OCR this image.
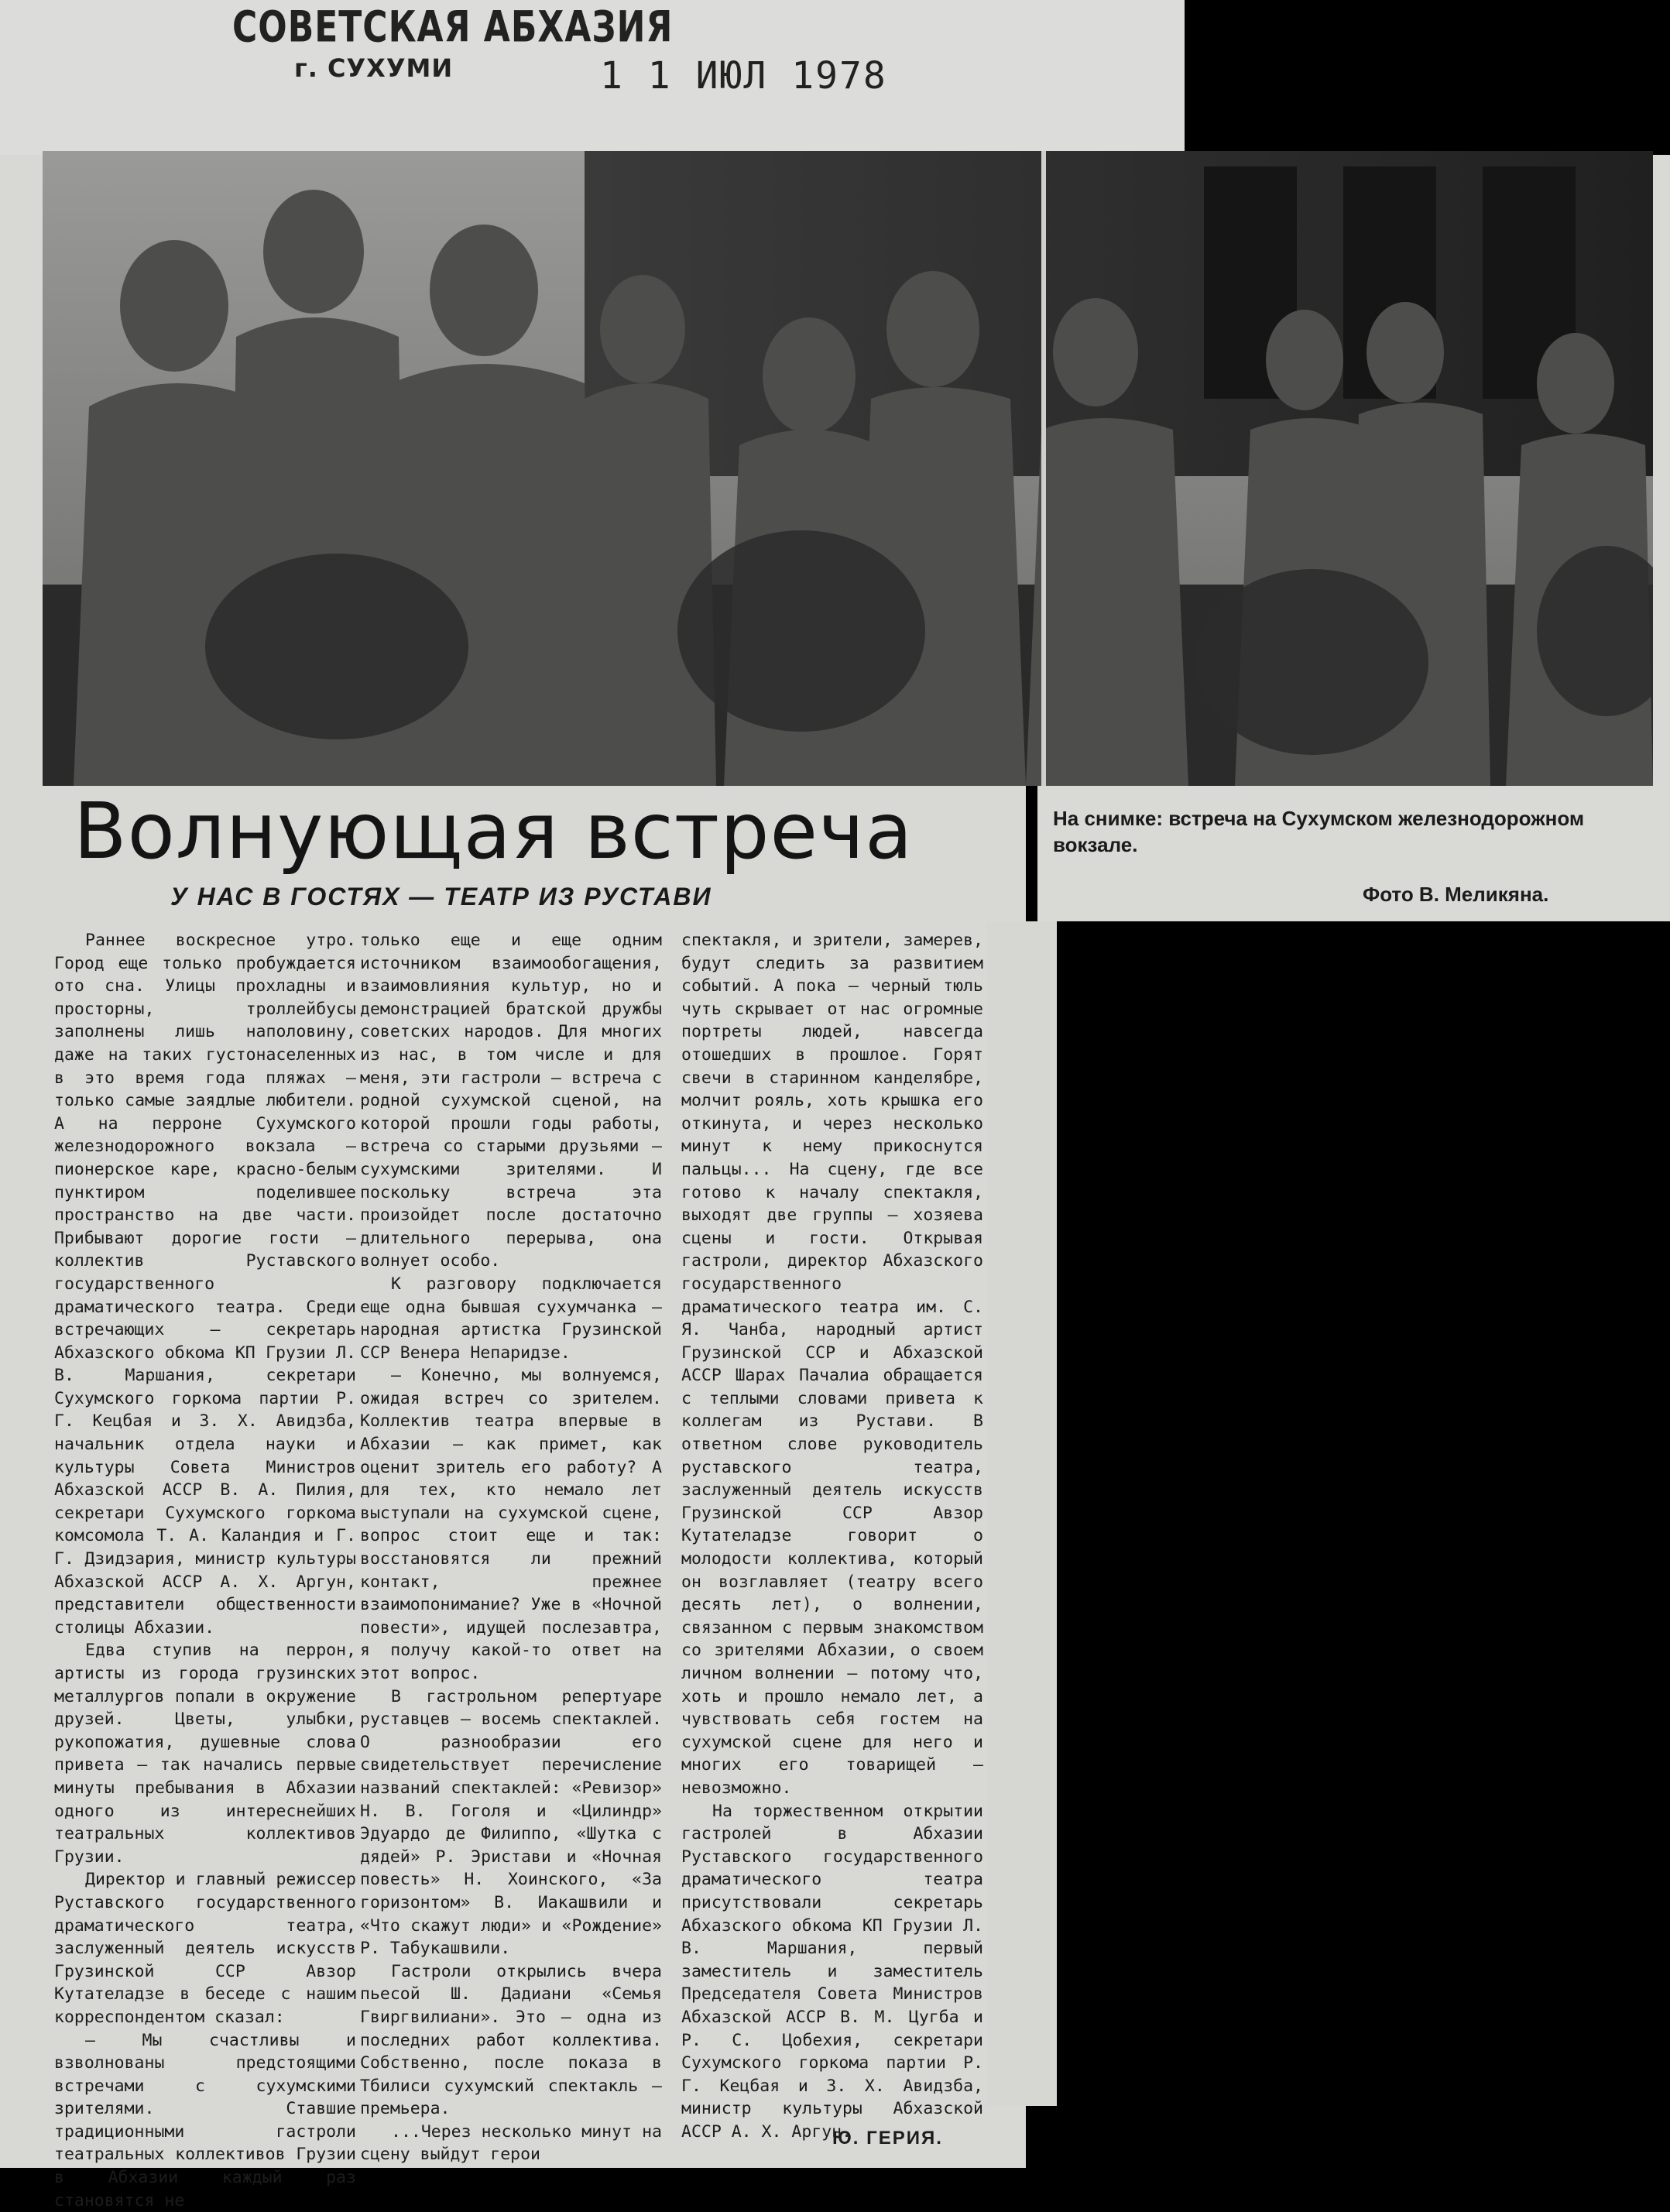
СОВЕТСКАЯ АБХАЗИЯ
г. СУХУМИ	1 1 ИЮЛ 1978
На снимке: встреча на Сухумском железнодорожном вокзале.
Фото В. Меликяна.
Волнующая встреча
У НАС В ГОСТЯХ — ТЕАТР ИЗ РУСТАВИ

Раннее воскресное утро. Город еще только пробуждается ото сна. Улицы прохладны и просторны, троллейбусы заполнены лишь наполовину, даже на таких густонаселенных в это время года пляжах — только самые заядлые любители. А на перроне Сухумского железнодорожного вокзала — пионерское каре, красно-белым пунктиром поделившее пространство на две части. Прибывают дорогие гости — коллектив Руставского государственного драматического театра. Среди встречающих — секретарь Абхазского обкома КП Грузии Л. В. Маршания, секретари Сухумского горкома партии Р. Г. Кецбая и З. Х. Авидзба, начальник отдела науки и культуры Совета Министров Абхазской АССР В. А. Пилия, секретари Сухумского горкома комсомола Т. А. Каландия и Г. Г. Дзидзария, министр культуры Абхазской АССР А. Х. Аргун, представители общественности столицы Абхазии.

Едва ступив на перрон, артисты из города грузинских металлургов попали в окружение друзей. Цветы, улыбки, рукопожатия, душевные слова привета — так начались первые минуты пребывания в Абхазии одного из интереснейших театральных коллективов Грузии.

Директор и главный режиссер Руставского государственного драматического театра, заслуженный деятель искусств Грузинской ССР Авзор Кутателадзе в беседе с нашим корреспондентом сказал:

— Мы счастливы и взволнованы предстоящими встречами с сухумскими зрителями. Ставшие традиционными гастроли театральных коллективов Грузии в Абхазии каждый раз становятся не

только еще и еще одним источником взаимообогащения, взаимовлияния культур, но и демонстрацией братской дружбы советских народов. Для многих из нас, в том числе и для меня, эти гастроли — встреча с родной сухумской сценой, на которой прошли годы работы, встреча со старыми друзьями — сухумскими зрителями. И поскольку встреча эта произойдет после достаточно длительного перерыва, она волнует особо.

К разговору подключается еще одна бывшая сухумчанка — народная артистка Грузинской ССР Венера Непаридзе.

— Конечно, мы волнуемся, ожидая встреч со зрителем. Коллектив театра впервые в Абхазии — как примет, как оценит зритель его работу? А для тех, кто немало лет выступали на сухумской сцене, вопрос стоит еще и так: восстановятся ли прежний контакт, прежнее взаимопонимание? Уже в «Ночной повести», идущей послезавтра, я получу какой-то ответ на этот вопрос.

В гастрольном репертуаре руставцев — восемь спектаклей. О разнообразии его свидетельствует перечисление названий спектаклей: «Ревизор» Н. В. Гоголя и «Цилиндр» Эдуардо де Филиппо, «Шутка с дядей» Р. Эристави и «Ночная повесть» Н. Хоинского, «За горизонтом» В. Иакашвили и «Что скажут люди» и «Рождение» Р. Табукашвили.

Гастроли открылись вчера пьесой Ш. Дадиани «Семья Гвиргвилиани». Это — одна из последних работ коллектива. Собственно, после показа в Тбилиси сухумский спектакль — премьера.

...Через несколько минут на сцену выйдут герои

спектакля, и зрители, замерев, будут следить за развитием событий. А пока — черный тюль чуть скрывает от нас огромные портреты людей, навсегда отошедших в прошлое. Горят свечи в старинном канделябре, молчит рояль, хоть крышка его откинута, и через несколько минут к нему прикоснутся пальцы... На сцену, где все готово к началу спектакля, выходят две группы — хозяева сцены и гости. Открывая гастроли, директор Абхазского государственного драматического театра им. С. Я. Чанба, народный артист Грузинской ССР и Абхазской АССР Шарах Пачалиа обращается с теплыми словами привета к коллегам из Рустави. В ответном слове руководитель руставского театра, заслуженный деятель искусств Грузинской ССР Авзор Кутателадзе говорит о молодости коллектива, который он возглавляет (театру всего десять лет), о волнении, связанном с первым знакомством со зрителями Абхазии, о своем личном волнении — потому что, хоть и прошло немало лет, а чувствовать себя гостем на сухумской сцене для него и многих его товарищей — невозможно.

На торжественном открытии гастролей в Абхазии Руставского государственного драматического театра присутствовали секретарь Абхазского обкома КП Грузии Л. В. Маршания, первый заместитель и заместитель Председателя Совета Министров Абхазской АССР В. М. Цугба и Р. С. Цобехия, секретари Сухумского горкома партии Р. Г. Кецбая и З. Х. Авидзба, министр культуры Абхазской АССР А. Х. Аргун.

Ю. ГЕРИЯ.
